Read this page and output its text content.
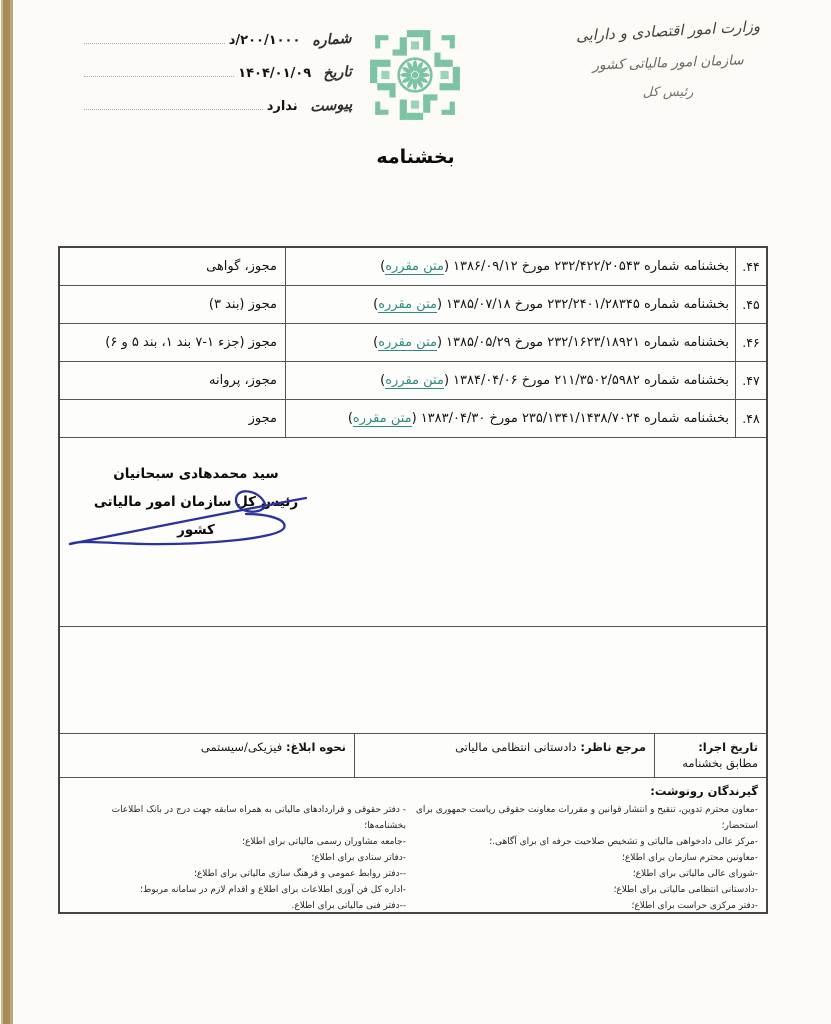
وزارت امور اقتصادی و دارایی
سازمان امور مالیاتی کشور
رئیس کل
شماره
د/۲۰۰/۱۰۰۰
تاریخ
۱۴۰۴/۰۱/۰۹
پیوست
ندارد
بخشنامه
۴۴.
بخشنامه شماره ۲۳۲/۴۲۲/۲۰۵۴۳ مورخ ۱۳۸۶/۰۹/۱۲
(متن مقرره)
مجوز، گواهی
۴۵.
بخشنامه شماره ۲۳۲/۲۴۰۱/۲۸۳۴۵ مورخ ۱۳۸۵/۰۷/۱۸
(متن مقرره)
مجوز (بند ۳)
۴۶.
بخشنامه شماره ۲۳۲/۱۶۲۳/۱۸۹۲۱ مورخ ۱۳۸۵/۰۵/۲۹
(متن مقرره)
مجوز (جزء ۱-۷ بند ۱، بند ۵ و ۶)
۴۷.
بخشنامه شماره ۲۱۱/۳۵۰۲/۵۹۸۲ مورخ ۱۳۸۴/۰۴/۰۶
(متن مقرره)
مجوز، پروانه
۴۸.
بخشنامه شماره ۲۳۵/۱۳۴۱/۱۴۳۸/۷۰۲۴ مورخ ۱۳۸۳/۰۴/۳۰
(متن مقرره)
مجوز
سید محمدهادی سبحانیان
رئیس کل سازمان امور مالیاتی کشور
تاریخ اجرا: مطابق بخشنامه
مرجع ناظر: دادستانی انتظامی مالیاتی
نحوه ابلاغ: فیزیکی/سیستمی
گیرندگان رونوشت:
-معاون محترم تدوین، تنقیح و انتشار قوانین و مقررات معاونت حقوقی ریاست جمهوری برای استحضار؛
-مرکز عالی دادخواهی مالیاتی و تشخیص صلاحیت حرفه ای برای آگاهی.؛
-معاونین محترم سازمان برای اطلاع؛
-شورای عالی مالیاتی برای اطلاع؛
-دادستانی انتظامی مالیاتی برای اطلاع؛
-دفتر مرکزی حراست برای اطلاع؛
- دفتر حقوقی و قراردادهای مالیاتی به همراه سابقه جهت درج در بانک اطلاعات بخشنامه‌ها؛
-جامعه مشاوران رسمی مالیاتی برای اطلاع؛
-دفاتر ستادی برای اطلاع؛
--دفتر روابط عمومی و فرهنگ سازی مالیاتی برای اطلاع؛
-اداره کل فن آوری اطلاعات برای اطلاع و اقدام لازم در سامانه مربوط؛
--دفتر فنی مالیاتی برای اطلاع.
